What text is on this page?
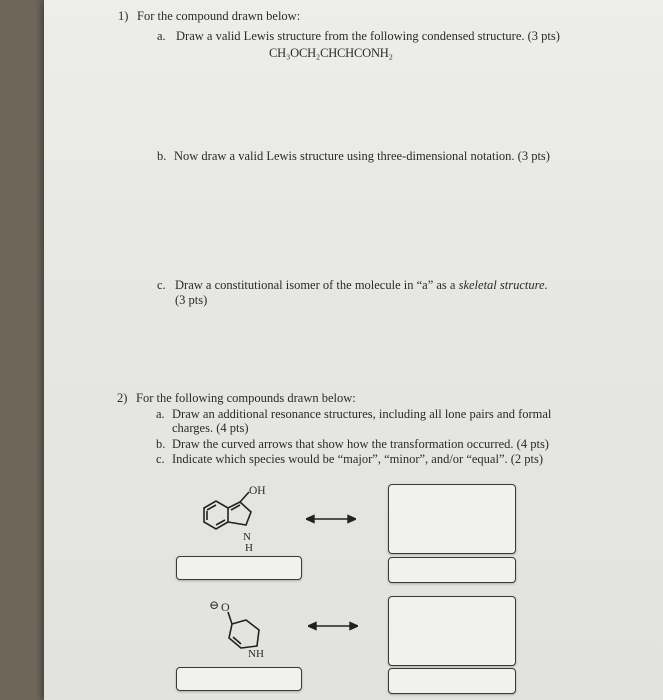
1) For the compound drawn below:
a. Draw a valid Lewis structure from the following condensed structure. (3 pts)
CH₃OCH₂CHCHCONH₂
b. Now draw a valid Lewis structure using three-dimensional notation. (3 pts)
c. Draw a constitutional isomer of the molecule in “a” as a skeletal structure.
(3 pts)
2) For the following compounds drawn below:
a. Draw an additional resonance structures, including all lone pairs and formal
charges. (4 pts)
b. Draw the curved arrows that show how the transformation occurred. (4 pts)
c. Indicate which species would be “major”, “minor”, and/or “equal”. (2 pts)
OH
N
H
⊖ O
NH
